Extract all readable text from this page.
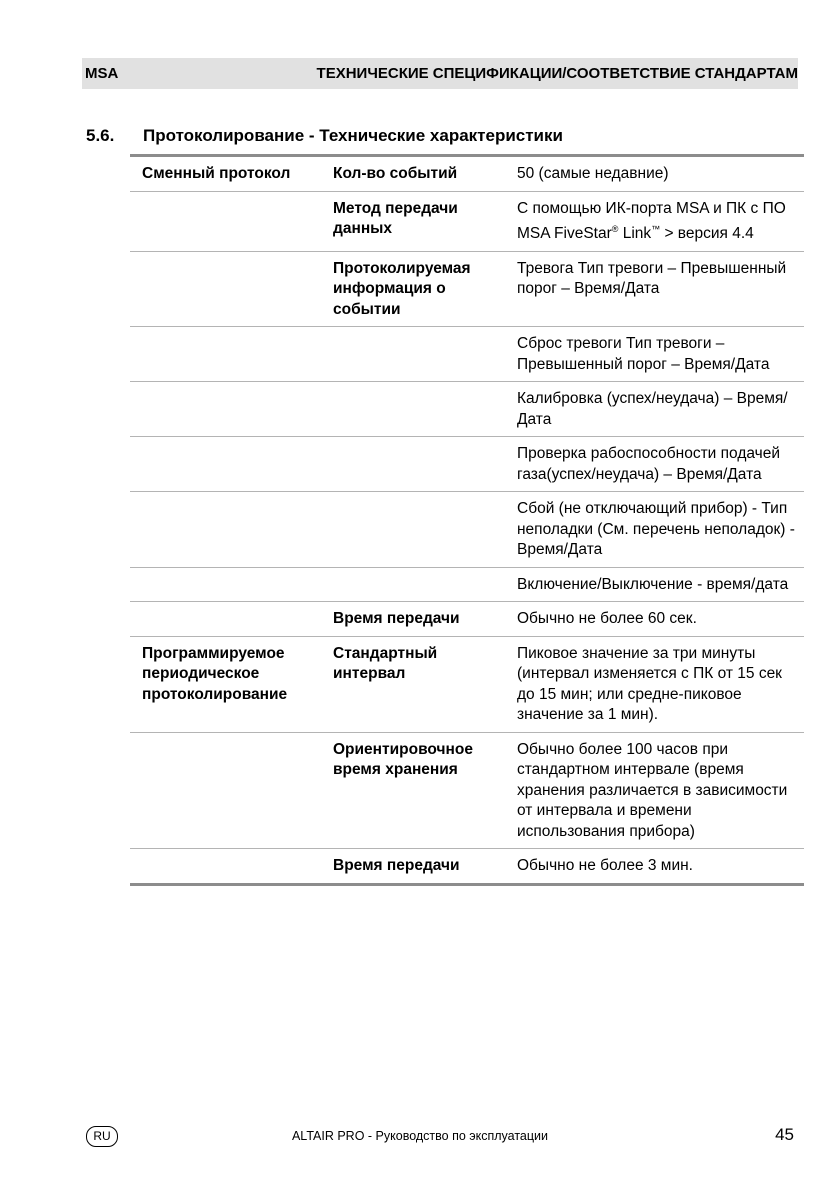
MSA	ТЕХНИЧЕСКИЕ СПЕЦИФИКАЦИИ/СООТВЕТСТВИЕ СТАНДАРТАМ
5.6. Протоколирование - Технические характеристики
Сменный протокол	Кол-во событий	50 (самые недавние)
	Метод передачи данных	С помощью ИК-порта MSA и ПК с ПО MSA FiveStar® Link™ > версия 4.4
	Протоколируемая информация о событии	Тревога Тип тревоги – Превышенный порог – Время/Дата
		Сброс тревоги Тип тревоги – Превышенный порог – Время/Дата
		Калибровка (успех/неудача) – Время/Дата
		Проверка рабоспособности подачей газа(успех/неудача) – Время/Дата
		Сбой (не отключающий прибор) - Тип неполадки (См. перечень неполадок) - Время/Дата
		Включение/Выключение - время/дата
	Время передачи	Обычно не более 60 сек.
Программируемое периодическое протоколирование	Стандартный интервал	Пиковое значение за три минуты (интервал изменяется с ПК от 15 сек до 15 мин; или средне-пиковое значение за 1 мин).
	Ориентировочное время хранения	Обычно более 100 часов при стандартном интервале (время хранения различается в зависимости от интервала и времени использования прибора)
	Время передачи	Обычно не более 3 мин.
RU	ALTAIR PRO - Руководство по эксплуатации	45
